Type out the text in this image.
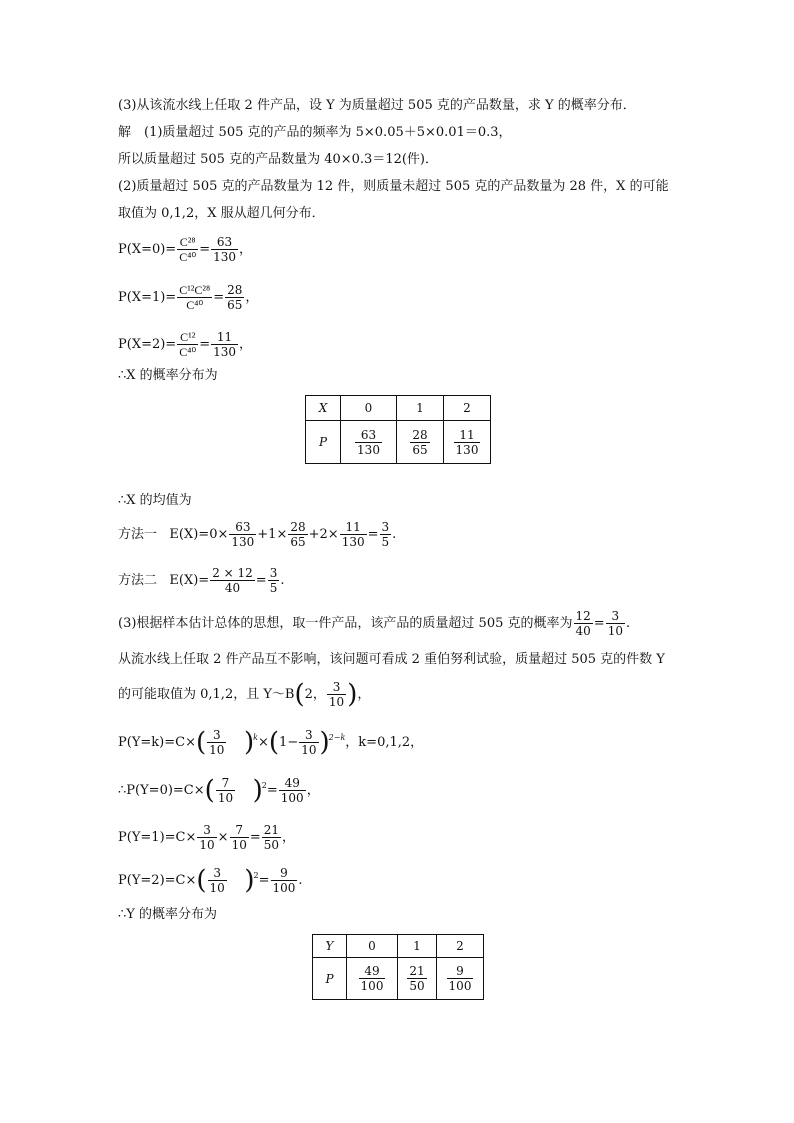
(3)从该流水线上任取 2 件产品，设 Y 为质量超过 505 克的产品数量，求 Y 的概率分布．
解　(1)质量超过 505 克的产品的频率为 5×0.05＋5×0.01＝0.3，
所以质量超过 505 克的产品数量为 40×0.3＝12(件)．
(2)质量超过 505 克的产品数量为 12 件，则质量未超过 505 克的产品数量为 28 件，X 的可能
取值为 0,1,2，X 服从超几何分布．
$P(X=0)= \frac{\text{C²⁸}}{\text{C⁴⁰}} = \frac{63}{130}$ ，
$P(X=1)= \frac{\text{C¹²C²⁸}}{\text{C⁴⁰}} = \frac{28}{65}$ ，
$P(X=2)= \frac{\text{C¹²}}{\text{C⁴⁰}} = \frac{11}{130}$ ，
∴X 的概率分布为
X	0	1	2
P	$\frac{63}{130}$	$\frac{28}{65}$	$\frac{11}{130}$
∴X 的均值为
方法一 $E(X)=0\times \frac{63}{130} +1\times \frac{28}{65} +2\times \frac{11}{130} = \frac{3}{5}$ .
方法二 $E(X)= \frac{2 \times 12}{40} = \frac{3}{5}$ .
(3)根据样本估计总体的思想，取一件产品，该产品的质量超过 505 克的概率为 $\frac{12}{40} = \frac{3}{10}$ .
从流水线上任取 2 件产品互不影响，该问题可看成 2 重伯努利试验，质量超过 505 克的件数 Y
的可能取值为 0,1,2，且 Y～B(2， $\frac{3}{10}$ )，
$P(Y=k)=C\times( \frac{3}{10} )^k\times(1- \frac{3}{10} )^{2-k}$，k=0,1,2，
∴P(Y=0)=C×( $\frac{7}{10} )^2= \frac{49}{100}$ ，
$P(Y=1)=C\times \frac{3}{10} \times \frac{7}{10} = \frac{21}{50}$ ，
$P(Y=2)=C\times( \frac{3}{10} )^2= \frac{9}{100}$ .
∴Y 的概率分布为
Y	0	1	2
P	$\frac{49}{100}$	$\frac{21}{50}$	$\frac{9}{100}$
